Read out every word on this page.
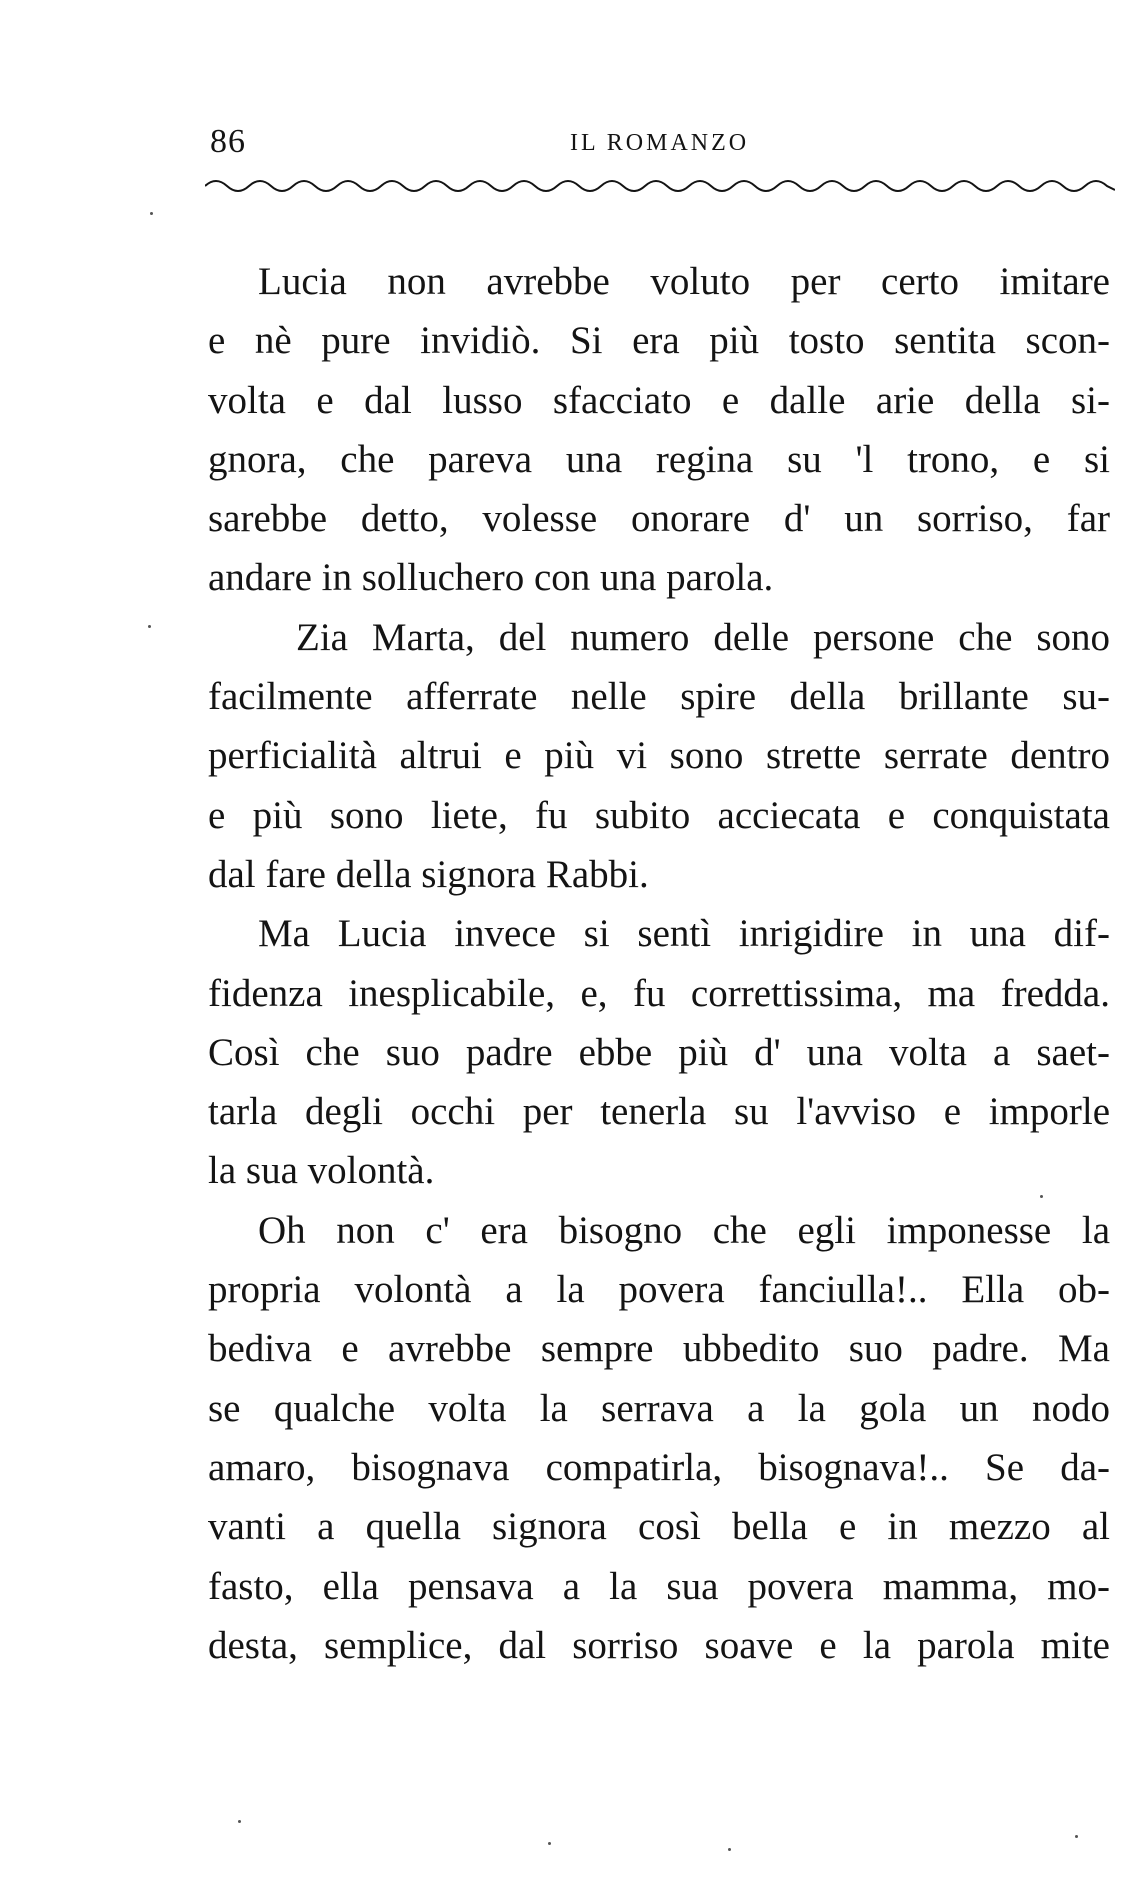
86	IL ROMANZO
Lucia non avrebbe voluto per certo imitare
e nè pure invidiò. Si era più tosto sentita scon-
volta e dal lusso sfacciato e dalle arie della si-
gnora, che pareva una regina su 'l trono, e si
sarebbe detto, volesse onorare d' un sorriso, far
andare in solluchero con una parola.
Zia Marta, del numero delle persone che sono
facilmente afferrate nelle spire della brillante su-
perficialità altrui e più vi sono strette serrate dentro
e più sono liete, fu subito acciecata e conquistata
dal fare della signora Rabbi.
Ma Lucia invece si sentì inrigidire in una dif-
fidenza inesplicabile, e, fu correttissima, ma fredda.
Così che suo padre ebbe più d' una volta a saet-
tarla degli occhi per tenerla su l'avviso e imporle
la sua volontà.
Oh non c' era bisogno che egli imponesse la
propria volontà a la povera fanciulla!.. Ella ob-
bediva e avrebbe sempre ubbedito suo padre. Ma
se qualche volta la serrava a la gola un nodo
amaro, bisognava compatirla, bisognava!.. Se da-
vanti a quella signora così bella e in mezzo al
fasto, ella pensava a la sua povera mamma, mo-
desta, semplice, dal sorriso soave e la parola mite
